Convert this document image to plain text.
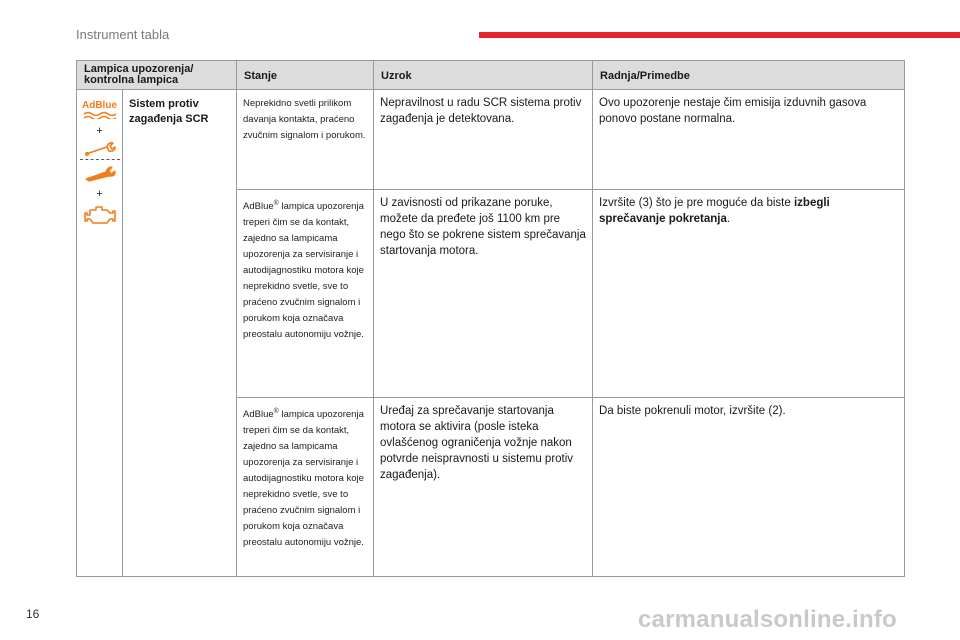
Instrument tabla
Lampica upozorenja/ kontrolna lampica		Stanje	Uzrok	Radnja/Primedbe

AdBlue
+
+	Sistem protiv zagađenja SCR	Neprekidno svetli prilikom davanja kontakta, praćeno zvučnim signalom i porukom.	Nepravilnost u radu SCR sistema protiv zagađenja je detektovana.	Ovo upozorenje nestaje čim emisija izduvnih gasova ponovo postane normalna.

		AdBlue® lampica upozorenja treperi čim se da kontakt, zajedno sa lampicama upozorenja za servisiranje i autodijagnostiku motora koje neprekidno svetle, sve to praćeno zvučnim signalom i porukom koja označava preostalu autonomiju vožnje.	U zavisnosti od prikazane poruke, možete da pređete još 1100 km pre nego što se pokrene sistem sprečavanja startovanja motora.	Izvršite (3) što je pre moguće da biste izbegli sprečavanje pokretanja.

		AdBlue® lampica upozorenja treperi čim se da kontakt, zajedno sa lampicama upozorenja za servisiranje i autodijagnostiku motora koje neprekidno svetle, sve to praćeno zvučnim signalom i porukom koja označava preostalu autonomiju vožnje.	Uređaj za sprečavanje startovanja motora se aktivira (posle isteka ovlašćenog ograničenja vožnje nakon potvrde neispravnosti u sistemu protiv zagađenja).	Da biste pokrenuli motor, izvršite (2).
16	carmanualsonline.info
